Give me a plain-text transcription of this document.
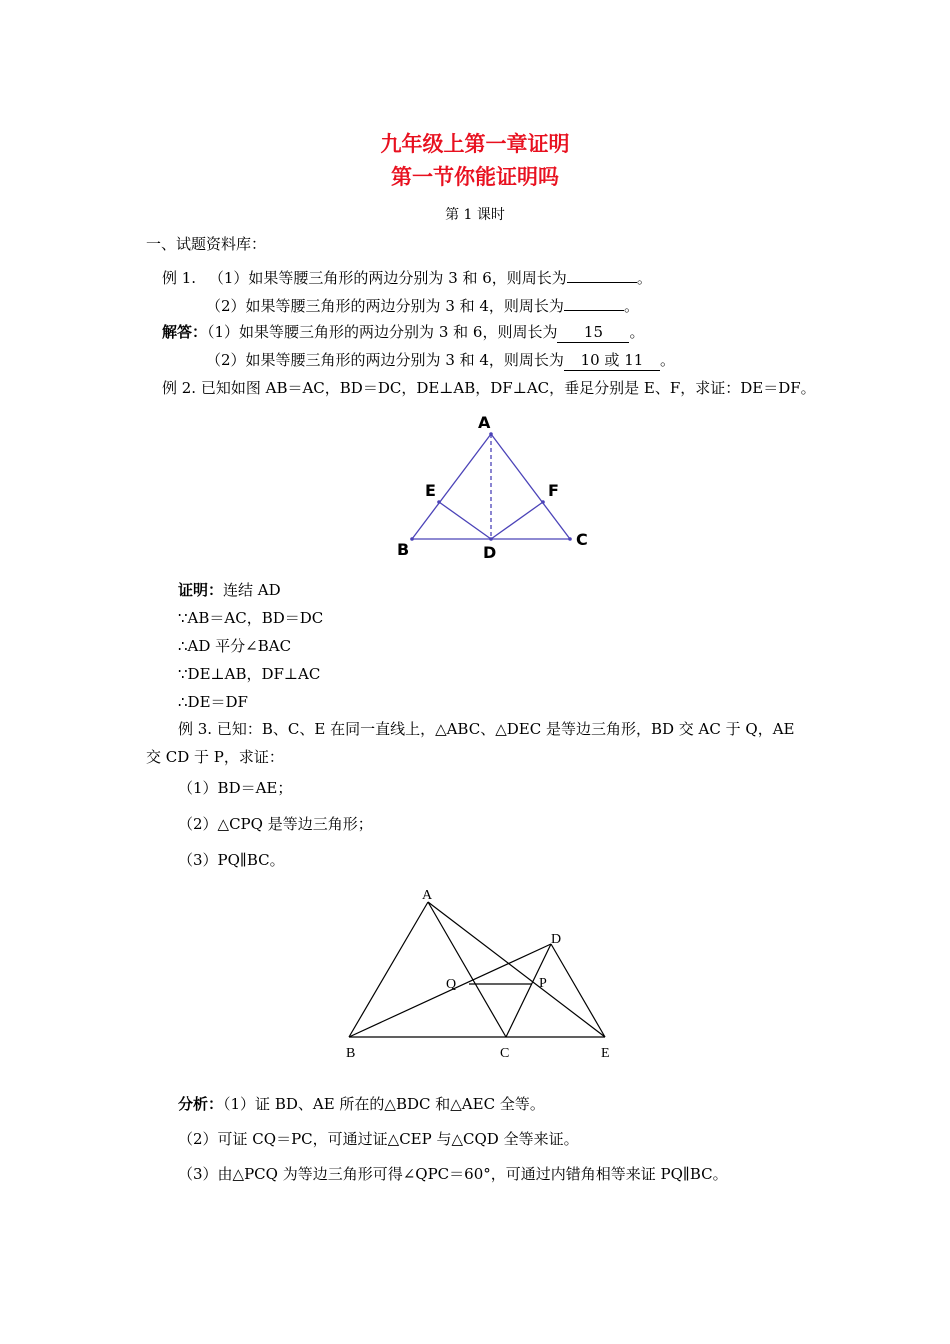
九年级上第一章证明
第一节你能证明吗
第 1 课时
一、试题资料库：
例 1. （1）如果等腰三角形的两边分别为 3 和 6，则周长为	。
（2）如果等腰三角形的两边分别为 3 和 4，则周长为	。
解答：（1）如果等腰三角形的两边分别为 3 和 6，则周长为 15 。
（2）如果等腰三角形的两边分别为 3 和 4，则周长为 10 或 11 。
例 2. 已知如图 AB＝AC，BD＝DC，DE⊥AB，DF⊥AC，垂足分别是 E、F，求证：DE＝DF。
A
B
C
D
E	F
证明：连结 AD
∵AB＝AC，BD＝DC
∴AD 平分∠BAC
∵DE⊥AB，DF⊥AC
∴DE＝DF
例 3. 已知：B、C、E 在同一直线上，△ABC、△DEC 是等边三角形，BD 交 AC 于 Q，AE
交 CD 于 P，求证：
（1）BD＝AE；
（2）△CPQ 是等边三角形；
（3）PQ∥BC。
A
B	C
D
E
P
Q
分析：（1）证 BD、AE 所在的△BDC 和△AEC 全等。
（2）可证 CQ＝PC，可通过证△CEP 与△CQD 全等来证。
（3）由△PCQ 为等边三角形可得∠QPC＝60°，可通过内错角相等来证 PQ∥BC。
